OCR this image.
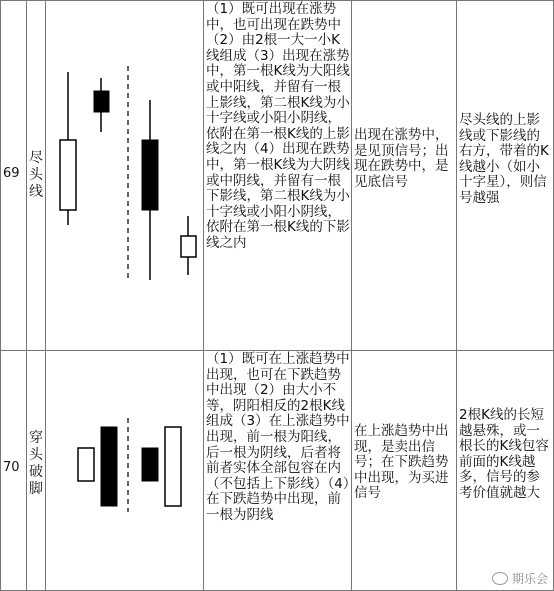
69
尽头线
（1）既可出现在涨势中，也可出现在跌势中（2）由2根一大一小K线组成（3）出现在涨势中，第一根K线为大阳线或中阳线，并留有一根上影线，第二根K线为小十字线或小阳小阴线，依附在第一根K线的上影线之内（4）出现在跌势中，第一根K线为大阴线或中阴线，并留有一根下影线，第二根K线为小十字线或小阳小阴线，依附在第一根K线的下影线之内
出现在涨势中，是见顶信号；出现在跌势中，是见底信号
尽头线的上影线或下影线的右方，带着的K线越小（如小十字星），则信号越强
70
穿头破脚
（1）既可在上涨趋势中出现，也可在下跌趋势中出现（2）由大小不等，阴阳相反的2根K线组成（3）在上涨趋势中出现，前一根为阳线，后一根为阴线，后者将前者实体全部包容在内（不包括上下影线）（4）在下跌趋势中出现，前一根为阴线
在上涨趋势中出现，是卖出信号；在下跌趋势中出现，为买进信号
2根K线的长短越悬殊，或一根长的K线包容前面的K线越多，信号的参考价值就越大
期乐会
